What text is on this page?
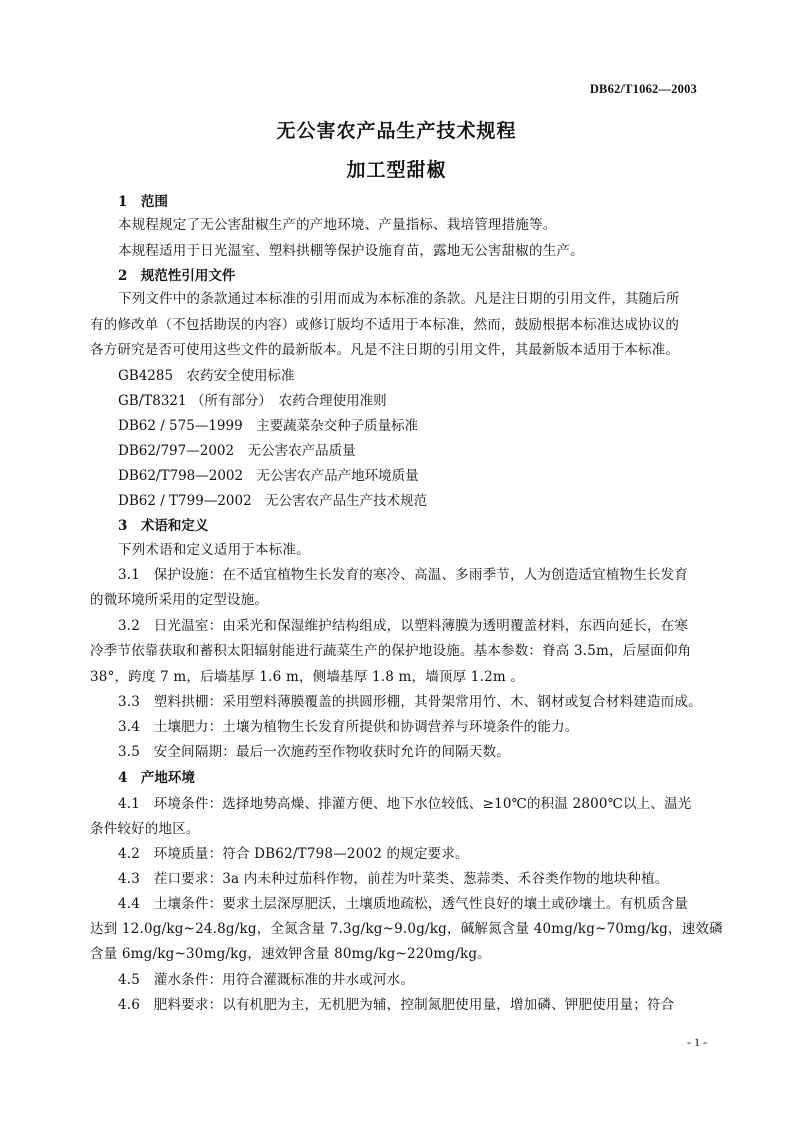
DB62/T1062—2003
无公害农产品生产技术规程
加工型甜椒
1　范围
本规程规定了无公害甜椒生产的产地环境、产量指标、栽培管理措施等。
本规程适用于日光温室、塑料拱棚等保护设施育苗，露地无公害甜椒的生产。
2　规范性引用文件
下列文件中的条款通过本标准的引用而成为本标准的条款。凡是注日期的引用文件，其随后所
有的修改单（不包括勘误的内容）或修订版均不适用于本标准，然而，鼓励根据本标准达成协议的
各方研究是否可使用这些文件的最新版本。凡是不注日期的引用文件，其最新版本适用于本标准。
GB4285　农药安全使用标准
GB/T8321 （所有部分）　农药合理使用准则
DB62 / 575—1999　主要蔬菜杂交种子质量标准
DB62/797—2002　无公害农产品质量
DB62/T798—2002　无公害农产品产地环境质量
DB62 / T799—2002　无公害农产品生产技术规范
3　术语和定义
下列术语和定义适用于本标准。
3.1　保护设施：在不适宜植物生长发育的寒冷、高温、多雨季节，人为创造适宜植物生长发育
的微环境所采用的定型设施。
3.2　日光温室：由采光和保湿维护结构组成，以塑料薄膜为透明覆盖材料，东西向延长，在寒
冷季节依靠获取和蓄积太阳辐射能进行蔬菜生产的保护地设施。基本参数：脊高 3.5m，后屋面仰角
38°，跨度 7 m，后墙基厚 1.6 m，侧墙基厚 1.8 m，墙顶厚 1.2m 。
3.3　塑料拱棚：采用塑料薄膜覆盖的拱圆形棚，其骨架常用竹、木、钢材或复合材料建造而成。
3.4　土壤肥力：土壤为植物生长发育所提供和协调营养与环境条件的能力。
3.5　安全间隔期：最后一次施药至作物收获时允许的间隔天数。
4　产地环境
4.1　环境条件：选择地势高燥、排灌方便、地下水位较低、≥10℃的积温 2800℃以上、温光
条件较好的地区。
4.2　环境质量：符合 DB62/T798—2002 的规定要求。
4.3　茬口要求：3a 内未种过茄科作物，前茬为叶菜类、葱蒜类、禾谷类作物的地块种植。
4.4　土壤条件：要求土层深厚肥沃，土壤质地疏松，透气性良好的壤土或砂壤土。有机质含量
达到 12.0g/kg~24.8g/kg，全氮含量 7.3g/kg~9.0g/kg，碱解氮含量 40mg/kg~70mg/kg，速效磷
含量 6mg/kg~30mg/kg，速效钾含量 80mg/kg~220mg/kg。
4.5　灌水条件：用符合灌溉标准的井水或河水。
4.6　肥料要求：以有机肥为主，无机肥为辅，控制氮肥使用量，增加磷、钾肥使用量；符合
- 1 -
